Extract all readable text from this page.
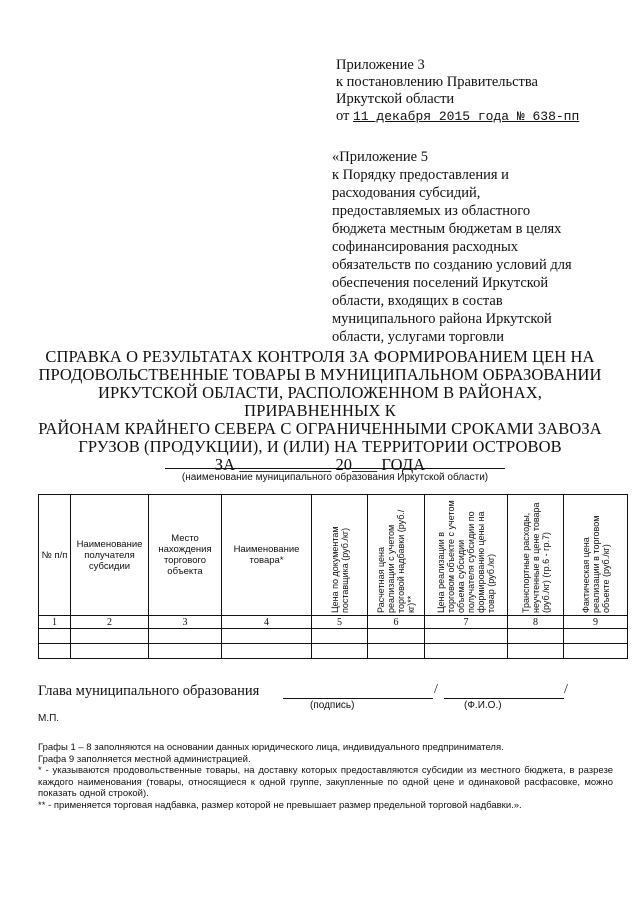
Приложение 3
к постановлению Правительства
Иркутской области
от 11 декабря 2015 года № 638-пп
«Приложение 5
к Порядку предоставления и
расходования субсидий,
предоставляемых из областного
бюджета местным бюджетам в целях
софинансирования расходных
обязательств по созданию условий для
обеспечения поселений Иркутской
области, входящих в состав
муниципального района Иркутской
области, услугами торговли
СПРАВКА О РЕЗУЛЬТАТАХ КОНТРОЛЯ ЗА ФОРМИРОВАНИЕМ ЦЕН НА
ПРОДОВОЛЬСТВЕННЫЕ ТОВАРЫ В МУНИЦИПАЛЬНОМ ОБРАЗОВАНИИ
ИРКУТСКОЙ ОБЛАСТИ, РАСПОЛОЖЕННОМ В РАЙОНАХ, ПРИРАВНЕННЫХ К
РАЙОНАМ КРАЙНЕГО СЕВЕРА С ОГРАНИЧЕННЫМИ СРОКАМИ ЗАВОЗА
ГРУЗОВ (ПРОДУКЦИИ), И (ИЛИ) НА ТЕРРИТОРИИ ОСТРОВОВ
ЗА ___________ 20___ ГОДА
(наименование муниципального образования Иркутской области)
№ п/п	Наименование получателя субсидии	Место нахождения торгового объекта	Наименование товара*	Цена по документам поставщика (руб./кг)	Расчетная цена реализации с учетом торговой надбавки (руб./кг)**	Цена реализации в торговом объекте с учетом объема субсидии получателя субсидии по формированию цены на товар (руб./кг)	Транспортные расходы, неучтенные в цене товара (руб./кг) (гр.6 - гр.7)	Фактическая цена реализации в торговом объекте (руб./кг)

1	2	3	4	5	6	7	8	9

Глава муниципального образования	/	/
(подпись)	(Ф.И.О.)
М.П.

Графы 1 – 8 заполняются на основании данных юридического лица, индивидуального предпринимателя.

Графа 9 заполняется местной администрацией.

* - указываются продовольственные товары, на доставку которых предоставляются субсидии из местного бюджета, в разрезе каждого наименования (товары, относящиеся к одной группе, закупленные по одной цене и одинаковой расфасовке, можно показать одной строкой).

** - применяется торговая надбавка, размер которой не превышает размер предельной торговой надбавки.».
